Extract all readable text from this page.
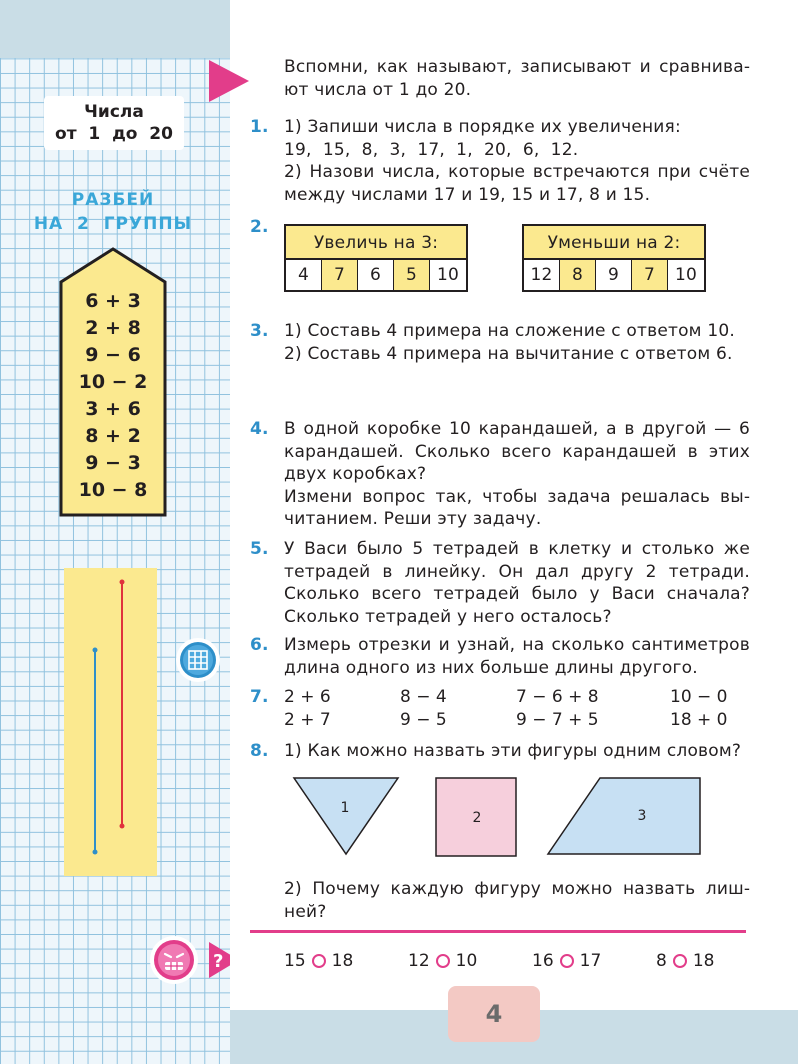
Числа
от  1  до  20
РАЗБЕЙ
НА  2  ГРУППЫ
6 + 3
2 + 8
9 − 6
10 − 2
3 + 6
8 + 2
9 − 3
10 − 8
?
4
Вспомни, как называют, записывают и сравнивают числа от 1 до 20.
1. 1) Запиши числа в порядке их увеличения:

19,  15,  8,  3,  17,  1,  20,  6,  12.

2) Назови числа, которые встречаются при счёте между числами 17 и 19, 15 и 17, 8 и 15.

2.
Увеличь на 3:
4	7	6	5	10
Уменьши на 2:
12	8	9	7	10
3. 1) Составь 4 примера на сложение с ответом 10.

2) Составь 4 примера на вычитание с ответом 6.

4. В одной коробке 10 карандашей, а в другой — 6 карандашей. Сколько всего карандашей в этих двух коробках?

Измени вопрос так, чтобы задача решалась вычитанием. Реши эту задачу.

5. У Васи было 5 тетрадей в клетку и столько же тетрадей в линейку. Он дал другу 2 тетради. Сколько всего тетрадей было у Васи сначала? Сколько тетрадей у него осталось?

6. Измерь отрезки и узнай, на сколько сантиметров длина одного из них больше длины другого.

7. 2 + 6	8 − 4	7 − 6 + 8	10 − 0
2 + 7	9 − 5	9 − 7 + 5	18 + 0
8. 1) Как можно назвать эти фигуры одним словом?

2) Почему каждую фигуру можно назвать лишней?

1
2	3
15 18	12 10	16 17	8 18
